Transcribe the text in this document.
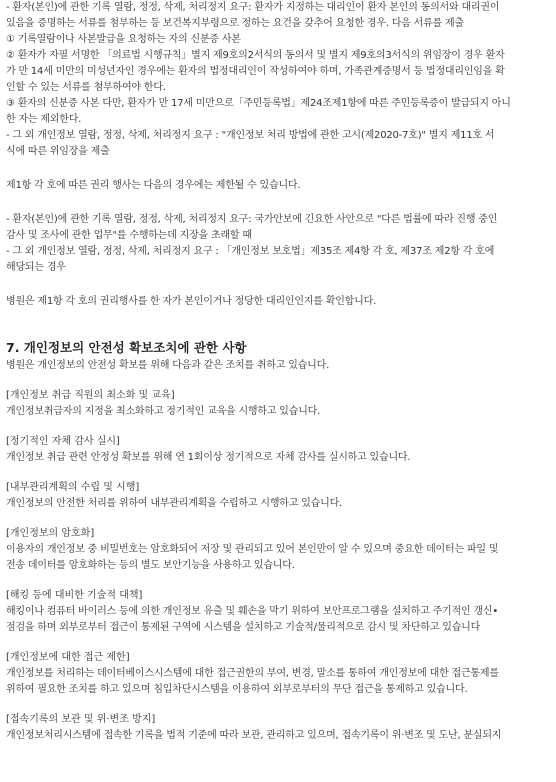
- 환자(본인)에 관한 기록 열람, 정정, 삭제, 처리정지 요구: 환자가 지정하는 대리인이 환자 본인의 동의서와 대리권이

있음을 증명하는 서류를 첨부하는 등 보건복지부령으로 정하는 요건을 갖추어 요청한 경우. 다음 서류를 제출

① 기록열람이나 사본발급을 요청하는 자의 신분증 사본

② 환자가 자필 서명한 「의료법 시행규칙」별지 제9호의2서식의 동의서 및 별지 제9호의3서식의 위임장이 경우 환자

가 만 14세 미만의 미성년자인 경우에는 환자의 법정대리인이 작성하여야 하며, 가족관계증명서 등 법정대리인임을 확

인할 수 있는 서류를 첨부하여야 한다.

③ 환자의 신분증 사본 다만, 환자가 만 17세 미만으로「주민등록법」제24조제1항에 따른 주민등록증이 발급되지 아니

한 자는 제외한다.

- 그 외 개인정보 열람, 정정, 삭제, 처리정지 요구 : "개인정보 처리 방법에 관한 고시(제2020-7호)" 별지 제11호 서

식에 따른 위임장을 제출

제1항 각 호에 따른 권리 행사는 다음의 경우에는 제한될 수 있습니다.

- 환자(본인)에 관한 기록 열람, 정정, 삭제, 처리정지 요구: 국가안보에 긴요한 사안으로 "다른 법률에 따라 진행 중인

감사 및 조사에 관한 업무"를 수행하는데 지장을 초래할 때

- 그 외 개인정보 열람, 정정, 삭제, 처리정지 요구 : 「개인정보 보호법」제35조 제4항 각 호, 제37조 제2항 각 호에

해당되는 경우

병원은 제1항 각 호의 권리행사를 한 자가 본인이거나 정당한 대리인인지를 확인합니다.

7. 개인정보의 안전성 확보조치에 관한 사항

병원은 개인정보의 안전성 확보를 위해 다음과 같은 조치를 취하고 있습니다.

[개인정보 취급 직원의 최소화 및 교육]

개인정보취급자의 지정을 최소화하고 정기적인 교육을 시행하고 있습니다.

[정기적인 자체 감사 실시]

개인정보 취급 관련 안정성 확보를 위해 연 1회이상 정기적으로 자체 감사를 실시하고 있습니다.

[내부관리계획의 수립 및 시행]

개인정보의 안전한 처리를 위하여 내부관리계획을 수립하고 시행하고 있습니다.

[개인정보의 암호화]

이용자의 개인정보 중 비밀번호는 암호화되어 저장 및 관리되고 있어 본인만이 알 수 있으며 중요한 데이터는 파일 및

전송 데이터를 암호화하는 등의 별도 보안기능을 사용하고 있습니다.

[해킹 등에 대비한 기술적 대책]

해킹이나 컴퓨터 바이러스 등에 의한 개인정보 유출 및 훼손을 막기 위하여 보안프로그램을 설치하고 주기적인 갱신•

점검을 하며 외부로부터 접근이 통제된 구역에 시스템을 설치하고 기술적/물리적으로 감시 및 차단하고 있습니다

[개인정보에 대한 접근 제한]

개인정보를 처리하는 데이터베이스시스템에 대한 접근권한의 부여, 변경, 말소를 통하여 개인정보에 대한 접근통제를

위하여 필요한 조치를 하고 있으며 침입차단시스템을 이용하여 외부로부터의 무단 접근을 통제하고 있습니다.

[접속기록의 보관 및 위·변조 방지]

개인정보처리시스템에 접속한 기록을 법적 기준에 따라 보관, 관리하고 있으며, 접속기록이 위·변조 및 도난, 분실되지
